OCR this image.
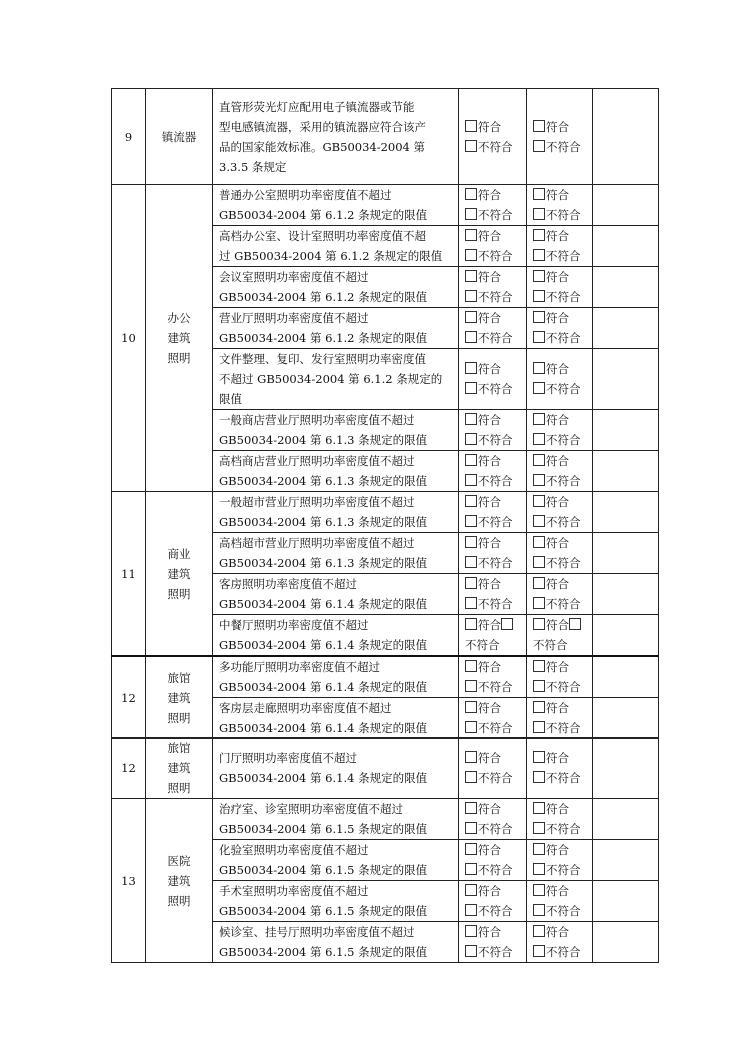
9	镇流器	直管形荧光灯应配用电子镇流器或节能
型电感镇流器，采用的镇流器应符合该产
品的国家能效标准。GB50034-2004 第
3.3.5 条规定	符合
不符合	符合
不符合	

10	办公
建筑
照明	普通办公室照明功率密度值不超过
GB50034-2004 第 6.1.2 条规定的限值	符合
不符合	符合
不符合	

		高档办公室、设计室照明功率密度值不超
过 GB50034-2004 第 6.1.2 条规定的限值	符合
不符合	符合
不符合	

		会议室照明功率密度值不超过
GB50034-2004 第 6.1.2 条规定的限值	符合
不符合	符合
不符合	

		营业厅照明功率密度值不超过
GB50034-2004 第 6.1.2 条规定的限值	符合
不符合	符合
不符合	

		文件整理、复印、发行室照明功率密度值
不超过 GB50034-2004 第 6.1.2 条规定的
限值	符合
不符合	符合
不符合	

		一般商店营业厅照明功率密度值不超过
GB50034-2004 第 6.1.3 条规定的限值	符合
不符合	符合
不符合	

		高档商店营业厅照明功率密度值不超过
GB50034-2004 第 6.1.3 条规定的限值	符合
不符合	符合
不符合	

11	商业
建筑
照明	一般超市营业厅照明功率密度值不超过
GB50034-2004 第 6.1.3 条规定的限值	符合
不符合	符合
不符合	

		高档超市营业厅照明功率密度值不超过
GB50034-2004 第 6.1.3 条规定的限值	符合
不符合	符合
不符合	

		客房照明功率密度值不超过
GB50034-2004 第 6.1.4 条规定的限值	符合
不符合	符合
不符合	

		中餐厅照明功率密度值不超过
GB50034-2004 第 6.1.4 条规定的限值	符合
不符合	符合
不符合	
12	旅馆
建筑
照明	多功能厅照明功率密度值不超过
GB50034-2004 第 6.1.4 条规定的限值	符合
不符合	符合
不符合	

		客房层走廊照明功率密度值不超过
GB50034-2004 第 6.1.4 条规定的限值	符合
不符合	符合
不符合	

12	旅馆
建筑
照明	门厅照明功率密度值不超过
GB50034-2004 第 6.1.4 条规定的限值	符合
不符合	符合
不符合	

13	医院
建筑
照明	治疗室、诊室照明功率密度值不超过
GB50034-2004 第 6.1.5 条规定的限值	符合
不符合	符合
不符合	

		化验室照明功率密度值不超过
GB50034-2004 第 6.1.5 条规定的限值	符合
不符合	符合
不符合	

		手术室照明功率密度值不超过
GB50034-2004 第 6.1.5 条规定的限值	符合
不符合	符合
不符合	

		候诊室、挂号厅照明功率密度值不超过
GB50034-2004 第 6.1.5 条规定的限值	符合
不符合	符合
不符合	
